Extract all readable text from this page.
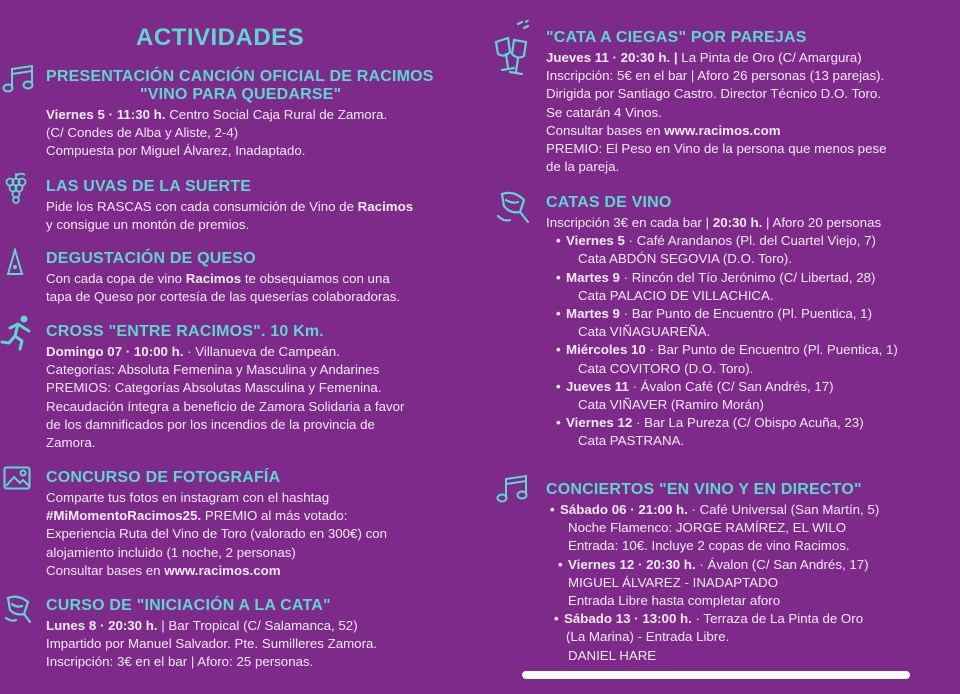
ACTIVIDADES
PRESENTACIÓN CANCIÓN OFICIAL DE RACIMOS
"VINO PARA QUEDARSE"
Viernes 5 · 11:30 h. Centro Social Caja Rural de Zamora.
(C/ Condes de Alba y Aliste, 2-4)
Compuesta por Miguel Álvarez, Inadaptado.
LAS UVAS DE LA SUERTE
Pide los RASCAS con cada consumición de Vino de Racimos
y consigue un montón de premios.
DEGUSTACIÓN DE QUESO
Con cada copa de vino Racimos te obsequiamos con una
tapa de Queso por cortesía de las queserías colaboradoras.
CROSS "ENTRE RACIMOS". 10 Km.
Domingo 07 · 10:00 h. · Villanueva de Campeán.
Categorías: Absoluta Femenina y Masculina y Andarines
PREMIOS: Categorías Absolutas Masculina y Femenina.
Recaudación íntegra a beneficio de Zamora Solidaria a favor
de los damnificados por los incendios de la provincia de
Zamora.
CONCURSO DE FOTOGRAFÍA
Comparte tus fotos en instagram con el hashtag
#MiMomentoRacimos25. PREMIO al más votado:
Experiencia Ruta del Vino de Toro (valorado en 300€) con
alojamiento incluido (1 noche, 2 personas)
Consultar bases en www.racimos.com
CURSO DE "INICIACIÓN A LA CATA"
Lunes 8 · 20:30 h. | Bar Tropical (C/ Salamanca, 52)
Impartido por Manuel Salvador. Pte. Sumilleres Zamora.
Inscripción: 3€ en el bar | Aforo: 25 personas.
"CATA A CIEGAS" POR PAREJAS
Jueves 11 · 20:30 h. | La Pinta de Oro (C/ Amargura)
Inscripción: 5€ en el bar | Aforo 26 personas (13 parejas).
Dirigida por Santiago Castro. Director Técnico D.O. Toro.
Se catarán 4 Vinos.
Consultar bases en www.racimos.com
PREMIO: El Peso en Vino de la persona que menos pese
de la pareja.
CATAS DE VINO
Inscripción 3€ en cada bar | 20:30 h. | Aforo 20 personas
• Viernes 5 · Café Arandanos (Pl. del Cuartel Viejo, 7)
Cata ABDÓN SEGOVIA (D.O. Toro).
• Martes 9 · Rincón del Tío Jerónimo (C/ Libertad, 28)
Cata PALACIO DE VILLACHICA.
• Martes 9 · Bar Punto de Encuentro (Pl. Puentica, 1)
Cata VIÑAGUAREÑA.
• Miércoles 10 · Bar Punto de Encuentro (Pl. Puentica, 1)
Cata COVITORO (D.O. Toro).
• Jueves 11 · Ávalon Café (C/ San Andrés, 17)
Cata VIÑAVER (Ramiro Morán)
• Viernes 12 · Bar La Pureza (C/ Obispo Acuña, 23)
Cata PASTRANA.
CONCIERTOS "EN VINO Y EN DIRECTO"
• Sábado 06 · 21:00 h. · Café Universal (San Martín, 5)
Noche Flamenco: JORGE RAMÍREZ, EL WILO
Entrada: 10€. Incluye 2 copas de vino Racimos.
• Viernes 12 · 20:30 h. · Ávalon (C/ San Andrés, 17)
MIGUEL ÁLVAREZ - INADAPTADO
Entrada Libre hasta completar aforo
• Sábado 13 · 13:00 h. · Terraza de La Pinta de Oro
(La Marina) - Entrada Libre.
DANIEL HARE
